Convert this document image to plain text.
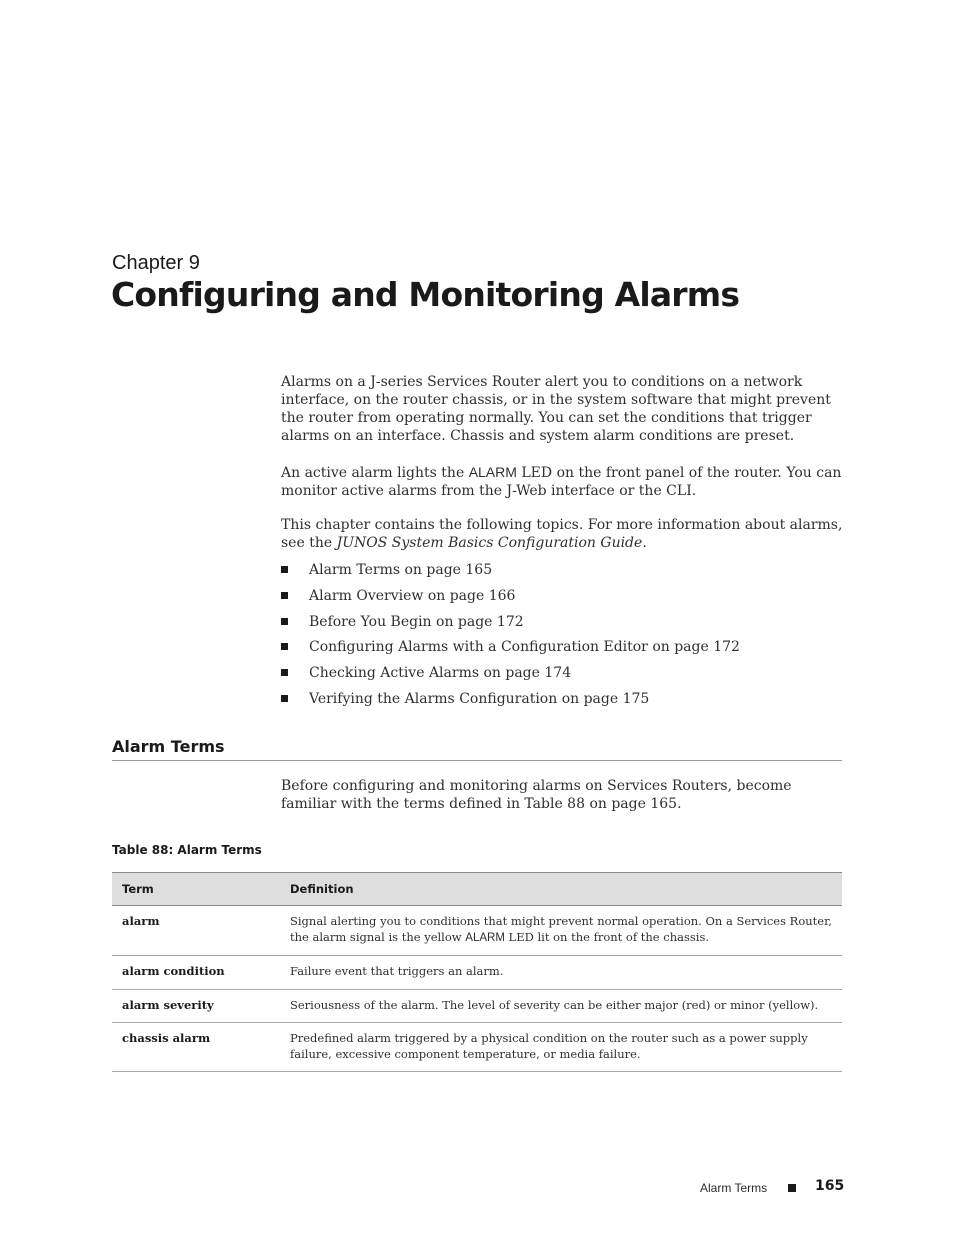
Chapter 9
Configuring and Monitoring Alarms

Alarms on a J-series Services Router alert you to conditions on a network interface, on the router chassis, or in the system software that might prevent the router from operating normally. You can set the conditions that trigger alarms on an interface. Chassis and system alarm conditions are preset.

An active alarm lights the ALARM LED on the front panel of the router. You can monitor active alarms from the J-Web interface or the CLI.

This chapter contains the following topics. For more information about alarms, see the JUNOS System Basics Configuration Guide.

Alarm Terms on page 165
Alarm Overview on page 166
Before You Begin on page 172
Configuring Alarms with a Configuration Editor on page 172
Checking Active Alarms on page 174
Verifying the Alarms Configuration on page 175
Alarm Terms

Before configuring and monitoring alarms on Services Routers, become familiar with the terms defined in Table 88 on page 165.

Table 88: Alarm Terms
Term	Definition
alarm	Signal alerting you to conditions that might prevent normal operation. On a Services Router, the alarm signal is the yellow ALARM LED lit on the front of the chassis.
alarm condition	Failure event that triggers an alarm.
alarm severity	Seriousness of the alarm. The level of severity can be either major (red) or minor (yellow).
chassis alarm	Predefined alarm triggered by a physical condition on the router such as a power supply failure, excessive component temperature, or media failure.
Alarm Terms	165
